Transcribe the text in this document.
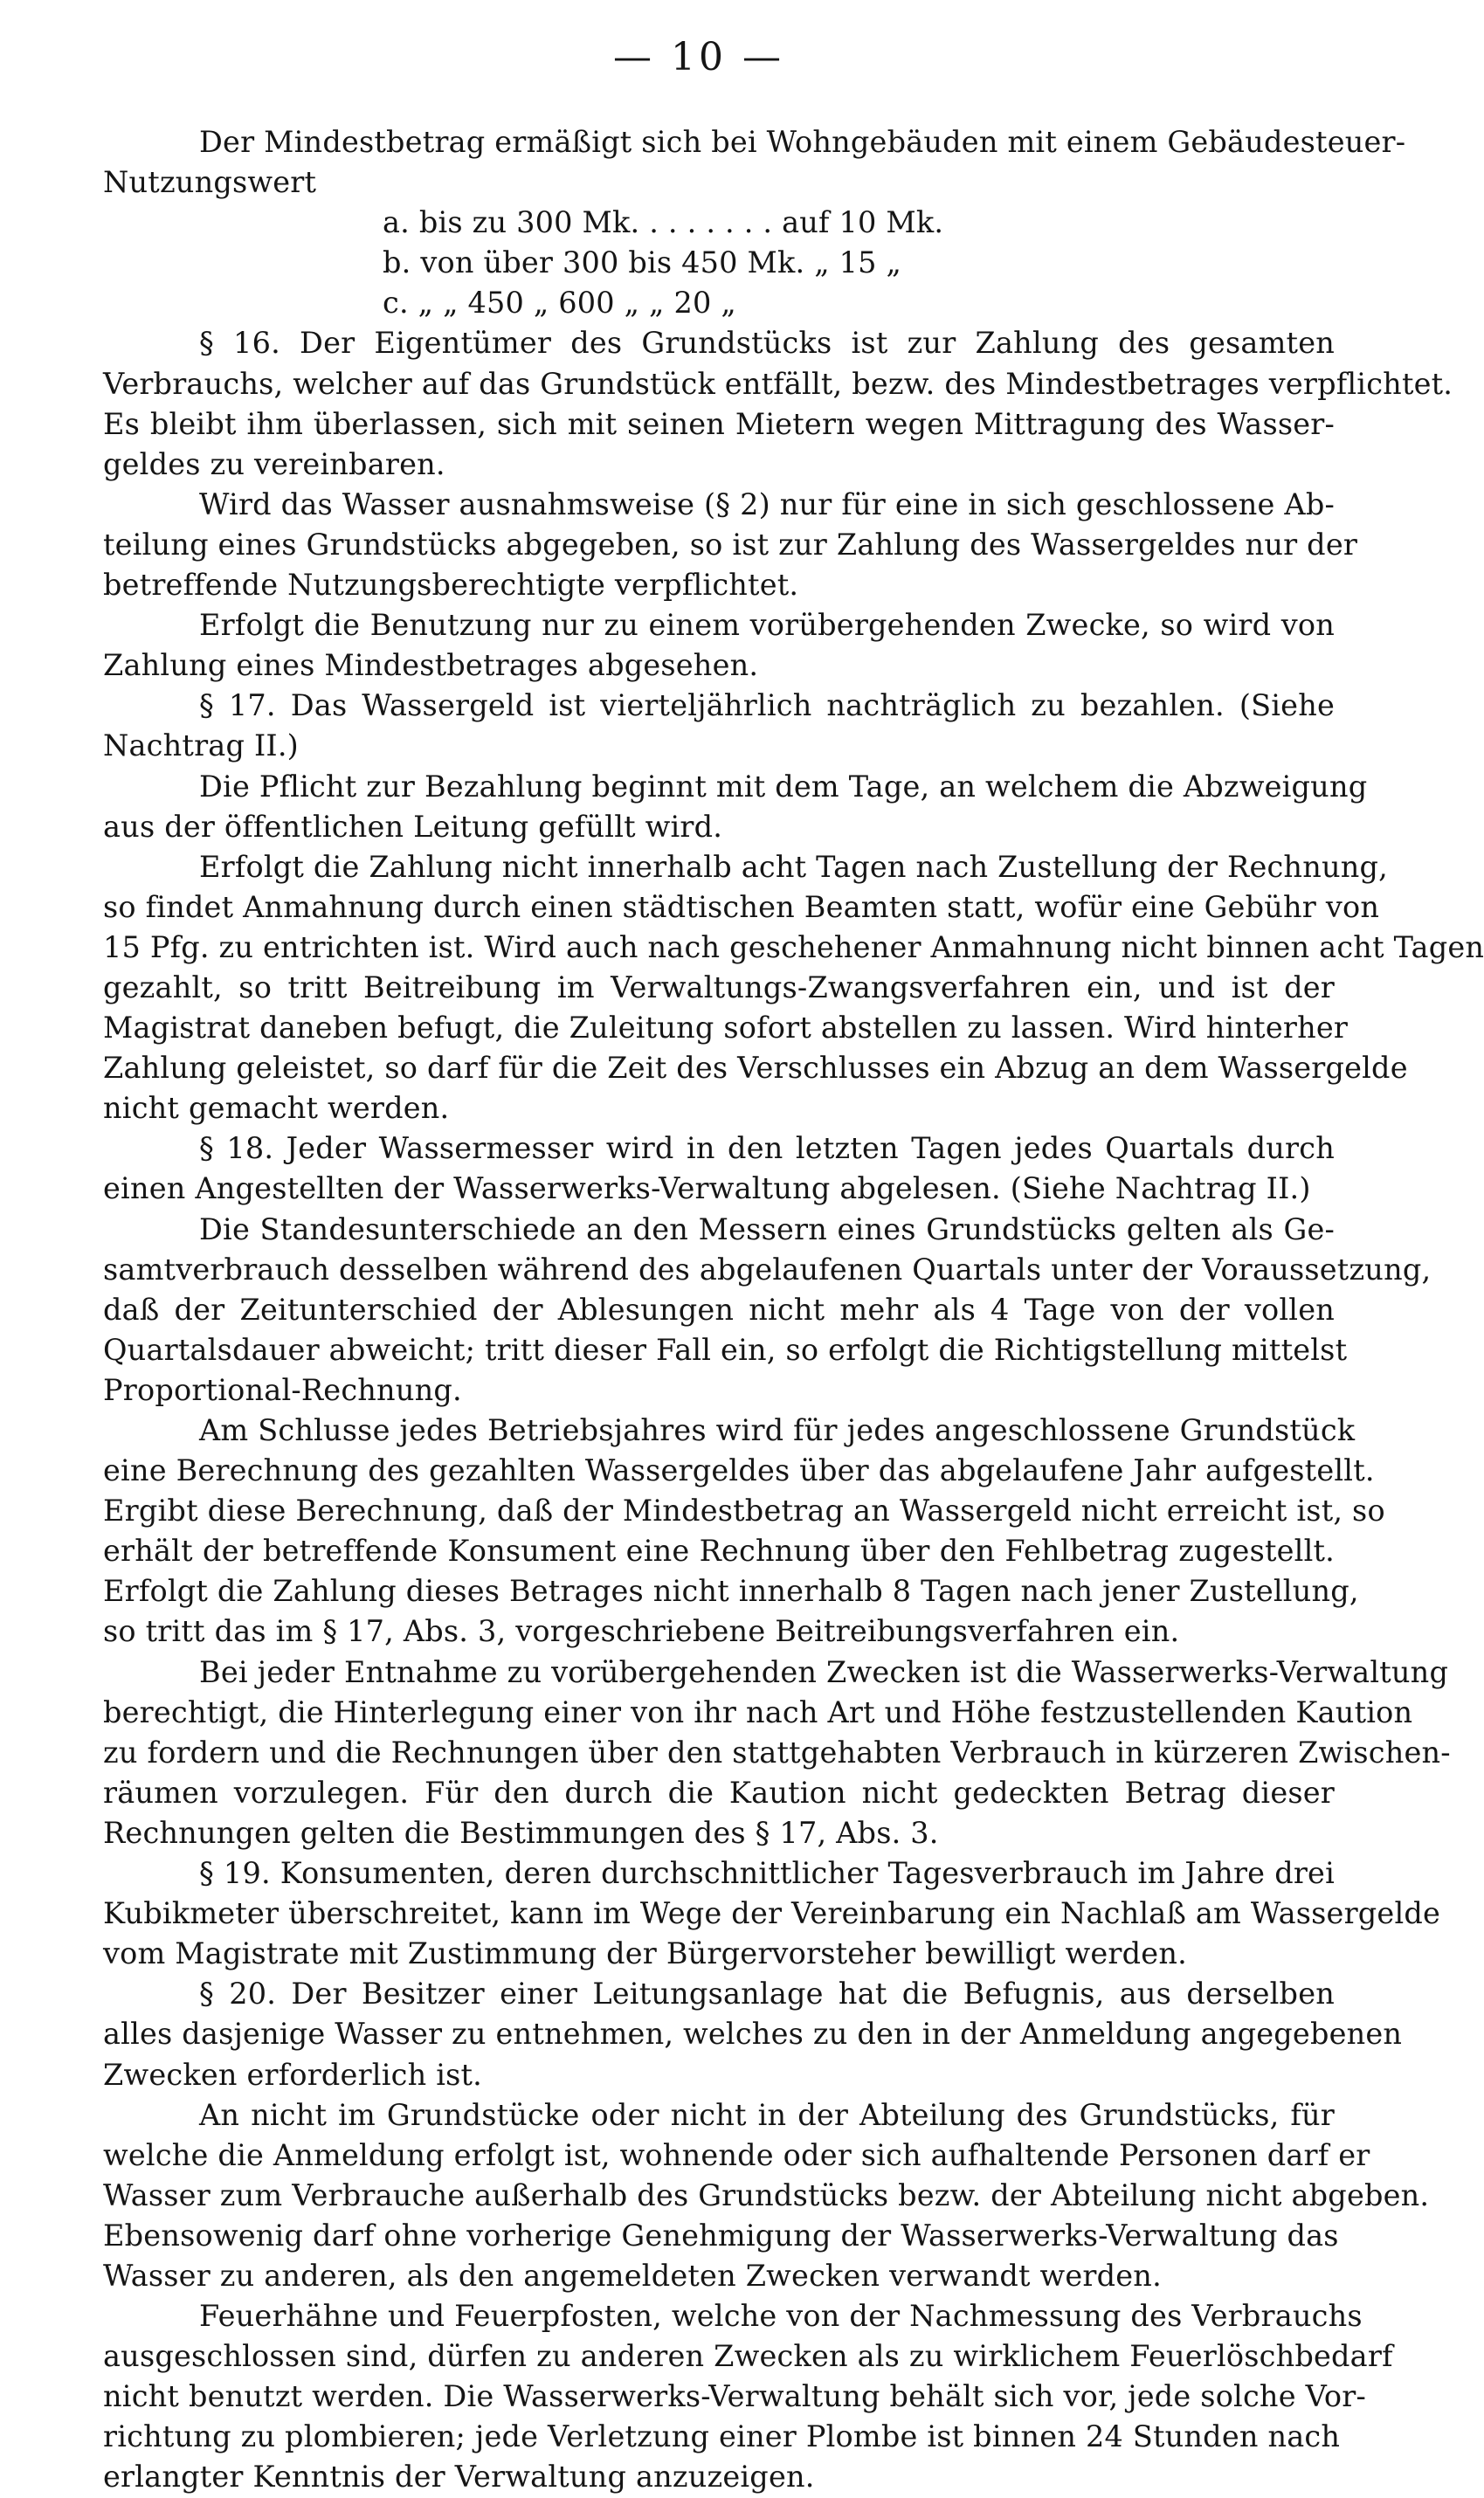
— 10 —
Der Mindestbetrag ermäßigt sich bei Wohngebäuden mit einem Gebäudesteuer-
Nutzungswert
a. bis zu 300 Mk. . . . . . . . auf 10 Mk.
b. von über 300 bis 450 Mk. „ 15 „
c. „ „ 450 „ 600 „ „ 20 „
§ 16. Der Eigentümer des Grundstücks ist zur Zahlung des gesamten
Verbrauchs, welcher auf das Grundstück entfällt, bezw. des Mindestbetrages verpflichtet.
Es bleibt ihm überlassen, sich mit seinen Mietern wegen Mittragung des Wasser-
geldes zu vereinbaren.
Wird das Wasser ausnahmsweise (§ 2) nur für eine in sich geschlossene Ab-
teilung eines Grundstücks abgegeben, so ist zur Zahlung des Wassergeldes nur der
betreffende Nutzungsberechtigte verpflichtet.
Erfolgt die Benutzung nur zu einem vorübergehenden Zwecke, so wird von
Zahlung eines Mindestbetrages abgesehen.
§ 17. Das Wassergeld ist vierteljährlich nachträglich zu bezahlen. (Siehe
Nachtrag II.)
Die Pflicht zur Bezahlung beginnt mit dem Tage, an welchem die Abzweigung
aus der öffentlichen Leitung gefüllt wird.
Erfolgt die Zahlung nicht innerhalb acht Tagen nach Zustellung der Rechnung,
so findet Anmahnung durch einen städtischen Beamten statt, wofür eine Gebühr von
15 Pfg. zu entrichten ist. Wird auch nach geschehener Anmahnung nicht binnen acht Tagen
gezahlt, so tritt Beitreibung im Verwaltungs-Zwangsverfahren ein, und ist der
Magistrat daneben befugt, die Zuleitung sofort abstellen zu lassen. Wird hinterher
Zahlung geleistet, so darf für die Zeit des Verschlusses ein Abzug an dem Wassergelde
nicht gemacht werden.
§ 18. Jeder Wassermesser wird in den letzten Tagen jedes Quartals durch
einen Angestellten der Wasserwerks-Verwaltung abgelesen. (Siehe Nachtrag II.)
Die Standesunterschiede an den Messern eines Grundstücks gelten als Ge-
samtverbrauch desselben während des abgelaufenen Quartals unter der Voraussetzung,
daß der Zeitunterschied der Ablesungen nicht mehr als 4 Tage von der vollen
Quartalsdauer abweicht; tritt dieser Fall ein, so erfolgt die Richtigstellung mittelst
Proportional-Rechnung.
Am Schlusse jedes Betriebsjahres wird für jedes angeschlossene Grundstück
eine Berechnung des gezahlten Wassergeldes über das abgelaufene Jahr aufgestellt.
Ergibt diese Berechnung, daß der Mindestbetrag an Wassergeld nicht erreicht ist, so
erhält der betreffende Konsument eine Rechnung über den Fehlbetrag zugestellt.
Erfolgt die Zahlung dieses Betrages nicht innerhalb 8 Tagen nach jener Zustellung,
so tritt das im § 17, Abs. 3, vorgeschriebene Beitreibungsverfahren ein.
Bei jeder Entnahme zu vorübergehenden Zwecken ist die Wasserwerks-Verwaltung
berechtigt, die Hinterlegung einer von ihr nach Art und Höhe festzustellenden Kaution
zu fordern und die Rechnungen über den stattgehabten Verbrauch in kürzeren Zwischen-
räumen vorzulegen. Für den durch die Kaution nicht gedeckten Betrag dieser
Rechnungen gelten die Bestimmungen des § 17, Abs. 3.
§ 19. Konsumenten, deren durchschnittlicher Tagesverbrauch im Jahre drei
Kubikmeter überschreitet, kann im Wege der Vereinbarung ein Nachlaß am Wassergelde
vom Magistrate mit Zustimmung der Bürgervorsteher bewilligt werden.
§ 20. Der Besitzer einer Leitungsanlage hat die Befugnis, aus derselben
alles dasjenige Wasser zu entnehmen, welches zu den in der Anmeldung angegebenen
Zwecken erforderlich ist.
An nicht im Grundstücke oder nicht in der Abteilung des Grundstücks, für
welche die Anmeldung erfolgt ist, wohnende oder sich aufhaltende Personen darf er
Wasser zum Verbrauche außerhalb des Grundstücks bezw. der Abteilung nicht abgeben.
Ebensowenig darf ohne vorherige Genehmigung der Wasserwerks-Verwaltung das
Wasser zu anderen, als den angemeldeten Zwecken verwandt werden.
Feuerhähne und Feuerpfosten, welche von der Nachmessung des Verbrauchs
ausgeschlossen sind, dürfen zu anderen Zwecken als zu wirklichem Feuerlöschbedarf
nicht benutzt werden. Die Wasserwerks-Verwaltung behält sich vor, jede solche Vor-
richtung zu plombieren; jede Verletzung einer Plombe ist binnen 24 Stunden nach
erlangter Kenntnis der Verwaltung anzuzeigen.
